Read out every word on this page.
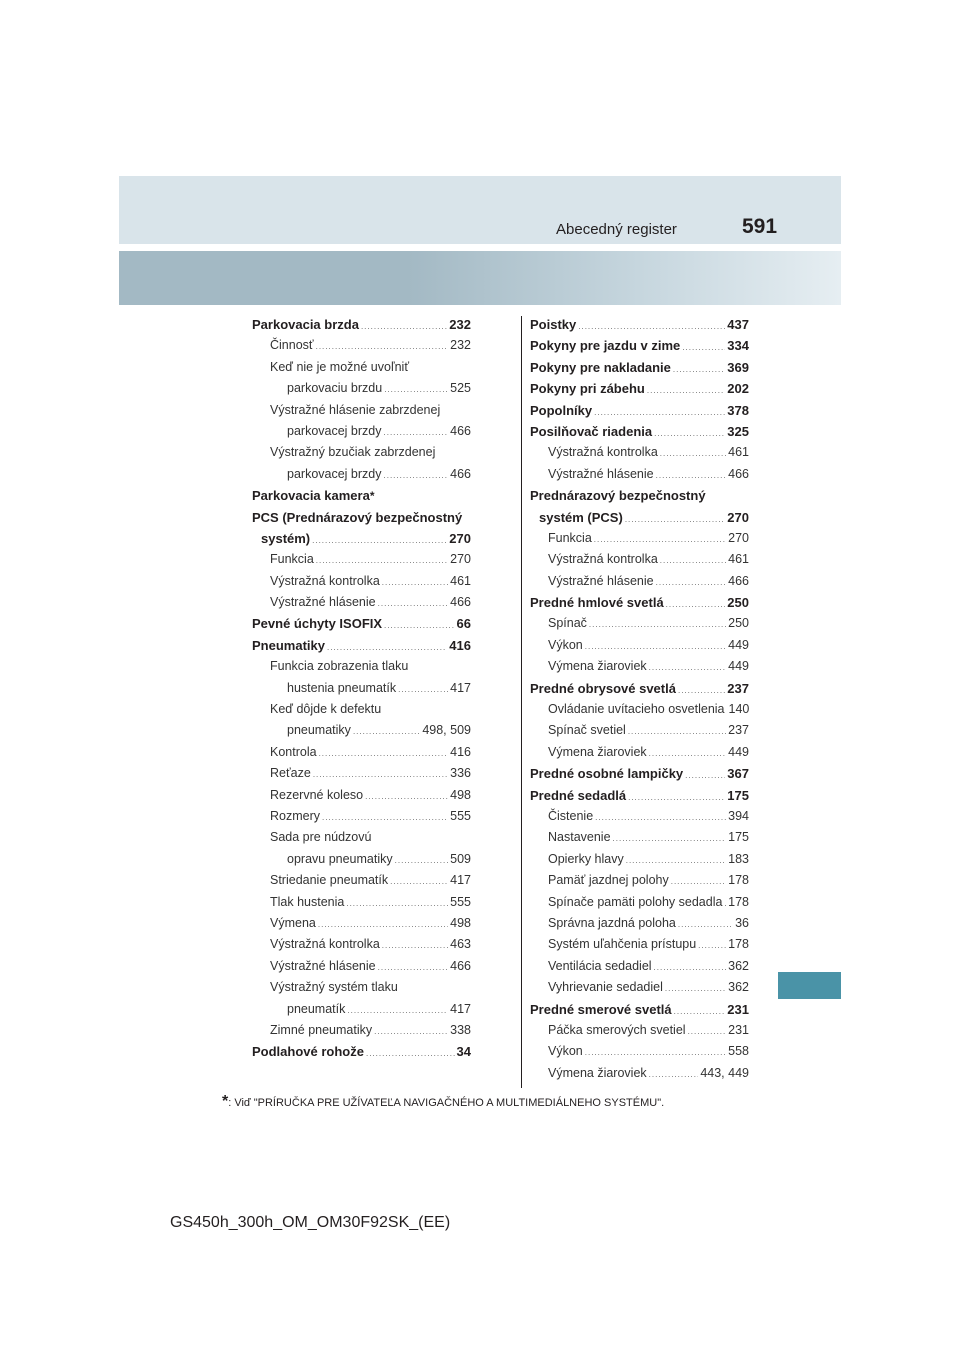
Abecedný register	591
Parkovacia brzda .....	232
Činnosť .....	232
Keď nie je možné uvoľniť
parkovaciu brzdu .....	525
Výstražné hlásenie zabrzdenej
parkovacej brzdy .....	466
Výstražný bzučiak zabrzdenej
parkovacej brzdy .....	466
Parkovacia kamera *
PCS (Prednárazový bezpečnostný
systém) .....	270
Funkcia .....	270
Výstražná kontrolka .....	461
Výstražné hlásenie .....	466
Pevné úchyty ISOFIX .....	66
Pneumatiky .....	416
Funkcia zobrazenia tlaku
hustenia pneumatík .....	417
Keď dôjde k defektu
pneumatiky .....	498, 509
Kontrola .....	416
Reťaze .....	336
Rezervné koleso .....	498
Rozmery .....	555
Sada pre núdzovú
opravu pneumatiky .....	509
Striedanie pneumatík .....	417
Tlak hustenia .....	555
Výmena .....	498
Výstražná kontrolka .....	463
Výstražné hlásenie .....	466
Výstražný systém tlaku
pneumatík .....	417
Zimné pneumatiky .....	338
Podlahové rohože .....	34
Poistky .....	437
Pokyny pre jazdu v zime .....	334
Pokyny pre nakladanie .....	369
Pokyny pri zábehu .....	202
Popolníky .....	378
Posilňovač riadenia .....	325
Výstražná kontrolka .....	461
Výstražné hlásenie .....	466
Prednárazový bezpečnostný
systém (PCS) .....	270
Funkcia .....	270
Výstražná kontrolka .....	461
Výstražné hlásenie .....	466
Predné hmlové svetlá .....	250
Spínač .....	250
Výkon .....	449
Výmena žiaroviek .....	449
Predné obrysové svetlá .....	237
Ovládanie uvítacieho osvetlenia 140
Spínač svetiel .....	237
Výmena žiaroviek .....	449
Predné osobné lampičky .....	367
Predné sedadlá .....	175
Čistenie .....	394
Nastavenie .....	175
Opierky hlavy .....	183
Pamäť jazdnej polohy .....	178
Spínače pamäti polohy sedadla ..... 178
Správna jazdná poloha .....	36
Systém uľahčenia prístupu .....	178
Ventilácia sedadiel .....	362
Vyhrievanie sedadiel .....	362
Predné smerové svetlá .....	231
Páčka smerových svetiel .....	231
Výkon .....	558
Výmena žiaroviek .....	443, 449
*: Viď "PRÍRUČKA PRE UŽÍVATEĽA NAVIGAČNÉHO A MULTIMEDIÁLNEHO SYSTÉMU".
GS450h_300h_OM_OM30F92SK_(EE)
